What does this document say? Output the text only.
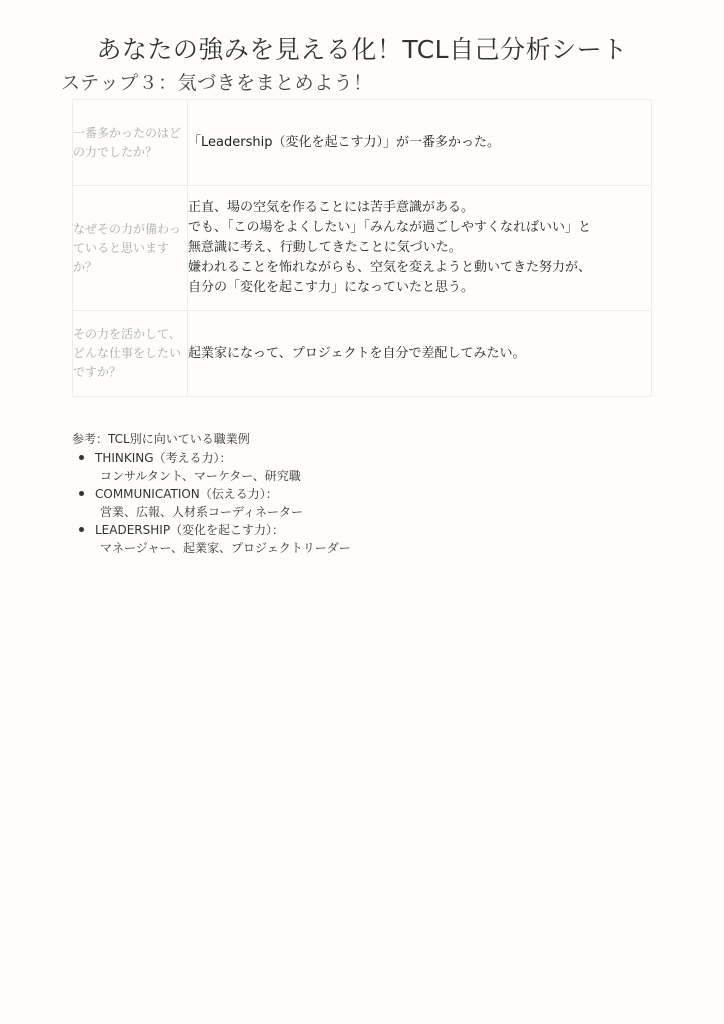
あなたの強みを見える化！TCL自己分析シート
ステップ３：気づきをまとめよう！
一番多かったのはどの力でしたか？	「Leadership（変化を起こす力）」が一番多かった。

なぜその力が備わっていると思いますか？	正直、場の空気を作ることには苦手意識がある。
でも、「この場をよくしたい」「みんなが過ごしやすくなればいい」と
無意識に考え、行動してきたことに気づいた。
嫌われることを怖れながらも、空気を変えようと動いてきた努力が、
自分の「変化を起こす力」になっていたと思う。

その力を活かして、どんな仕事をしたいですか？	起業家になって、プロジェクトを自分で差配してみたい。
参考：TCL別に向いている職業例
THINKING（考える力）：
コンサルタント、マーケター、研究職
COMMUNICATION（伝える力）：
営業、広報、人材系コーディネーター
LEADERSHIP（変化を起こす力）：
マネージャー、起業家、プロジェクトリーダー
